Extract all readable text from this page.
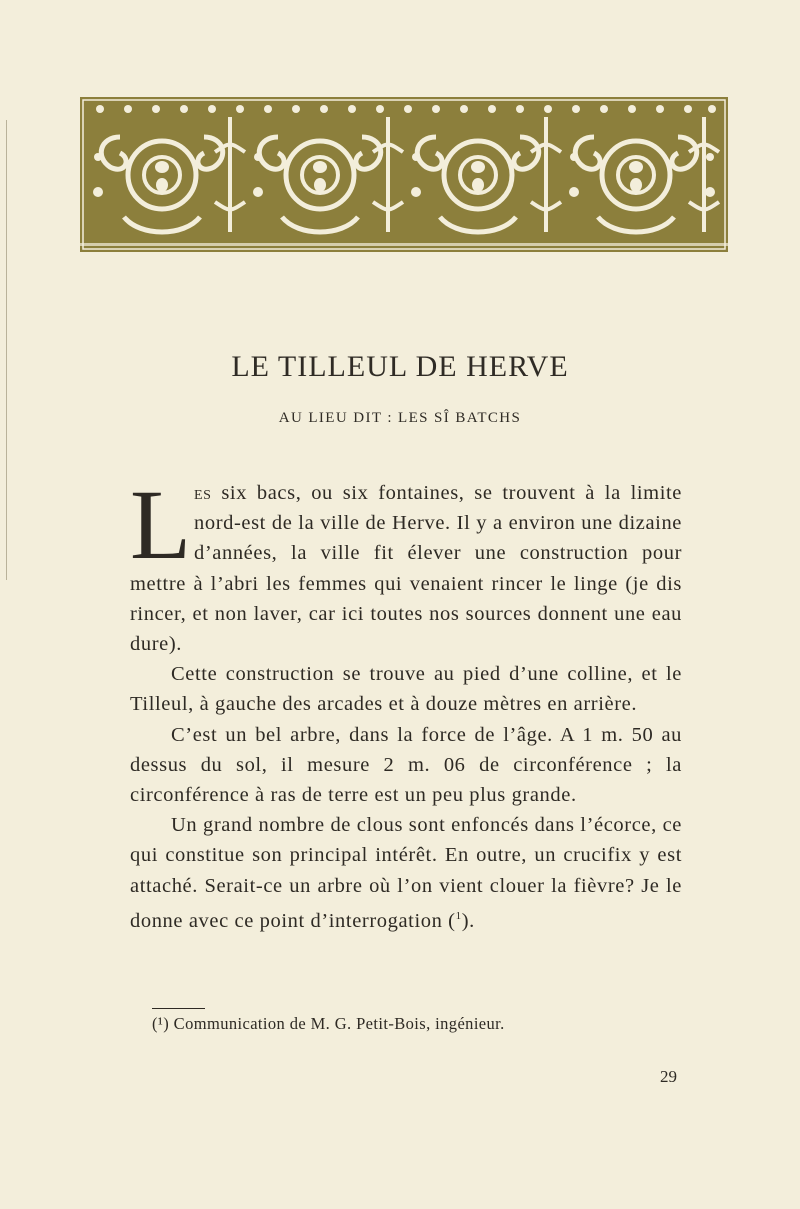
LE TILLEUL DE HERVE
AU LIEU DIT : LES SÎ BATCHS

L es six bacs, ou six fontaines, se trouvent à la limite nord-est de la ville de Herve. Il y a environ une dizaine d’années, la ville fit élever une construction pour mettre à l’abri les femmes qui venaient rincer le linge (je dis rincer, et non laver, car ici toutes nos sources donnent une eau dure).

Cette construction se trouve au pied d’une colline, et le Tilleul, à gauche des arcades et à douze mètres en arrière.

C’est un bel arbre, dans la force de l’âge. A 1 m. 50 au dessus du sol, il mesure 2 m. 06 de circonférence ; la circonférence à ras de terre est un peu plus grande.

Un grand nombre de clous sont enfoncés dans l’écorce, ce qui constitue son principal intérêt. En outre, un crucifix y est attaché. Serait-ce un arbre où l’on vient clouer la fièvre? Je le donne avec ce point d’interrogation ($^1$).

(¹) Communication de M. G. Petit-Bois, ingénieur.
29
